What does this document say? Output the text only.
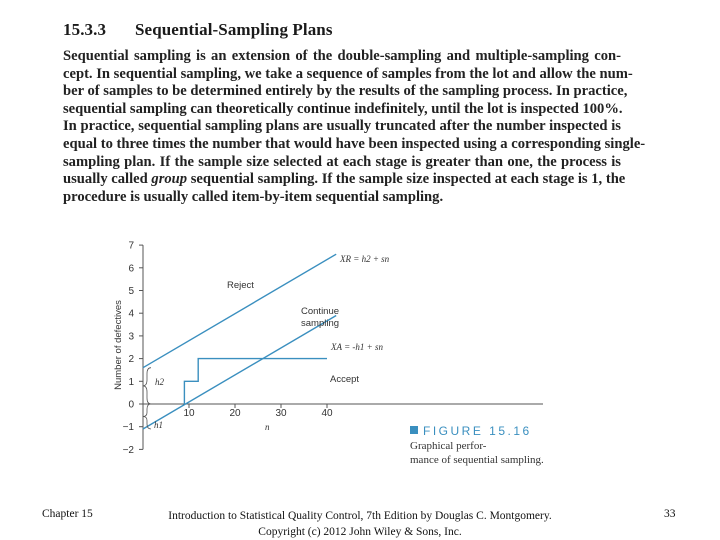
15.3.3 Sequential-Sampling Plans
Sequential sampling is an extension of the double-sampling and multiple-sampling con-
cept. In sequential sampling, we take a sequence of samples from the lot and allow the num-
ber of samples to be determined entirely by the results of the sampling process. In practice,
sequential sampling can theoretically continue indefinitely, until the lot is inspected 100%.
In practice, sequential sampling plans are usually truncated after the number inspected is
equal to three times the number that would have been inspected using a corresponding single-
sampling plan. If the sample size selected at each stage is greater than one, the process is
usually called group sequential sampling. If the sample size inspected at each stage is 1, the
procedure is usually called item-by-item sequential sampling.
7
6
5
4
3
2
1
0
−1
−2
10	20	30	40
Number of defectives
n
Reject
Continue
sampling
Accept
XR = h2 + sn
XA = -h1 + sn
h2
h1	FIGURE 15.16 Graphical perfor-
mance of sequential sampling.
Chapter 15	Introduction to Statistical Quality Control, 7th Edition by Douglas C. Montgomery.
Copyright (c) 2012 John Wiley & Sons, Inc.
33
